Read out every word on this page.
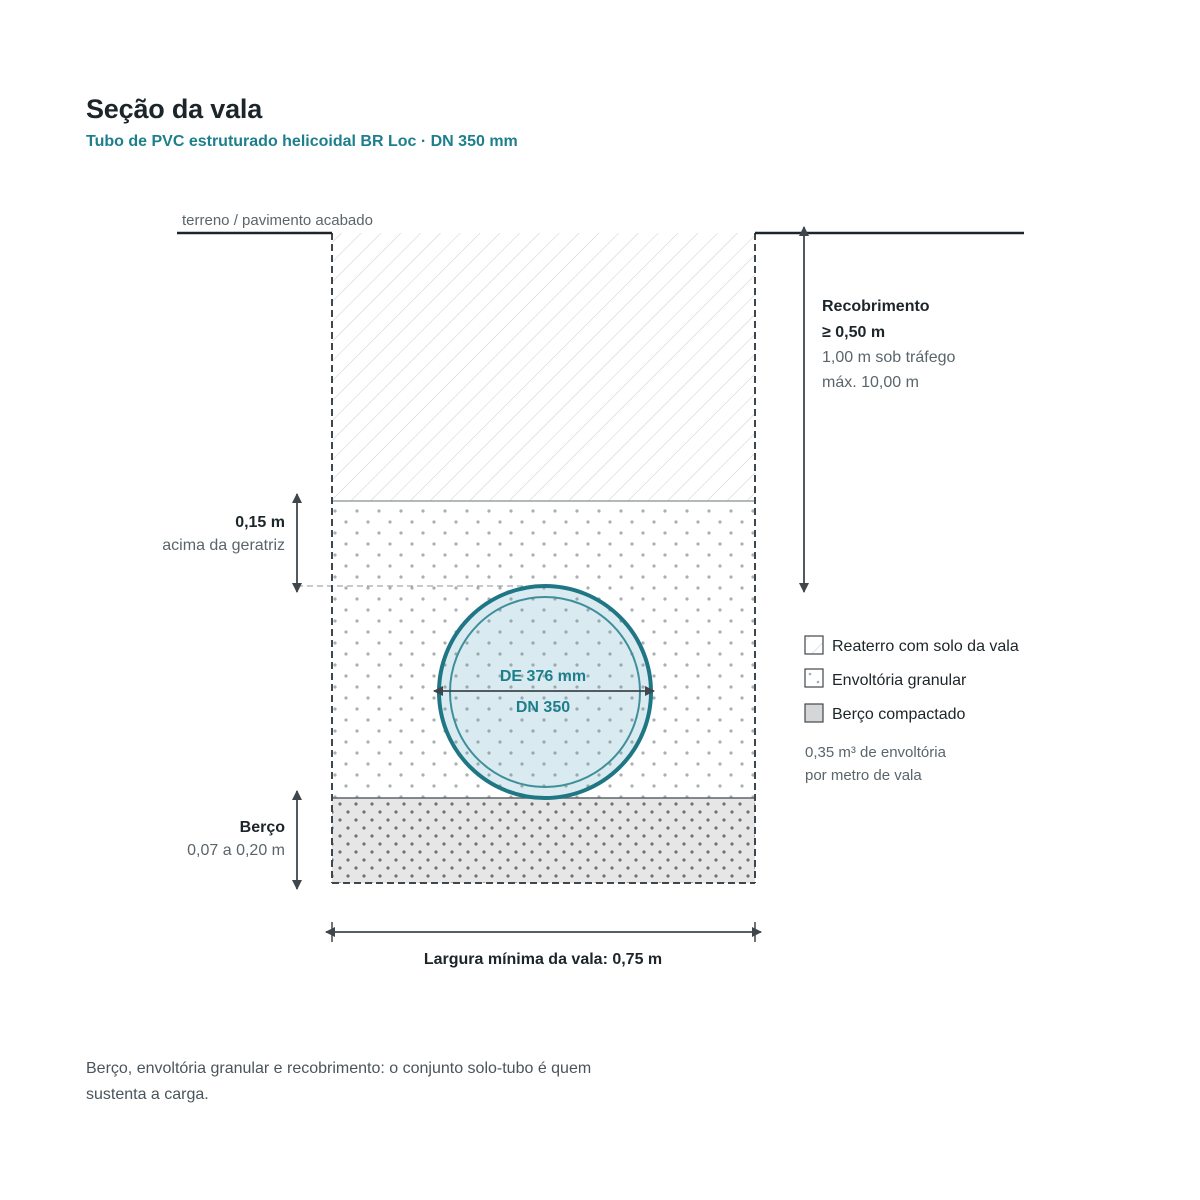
Seção da vala
Tubo de PVC estruturado helicoidal BR Loc · DN 350 mm
terreno / pavimento acabado
DE 376 mm
DN 350
Recobrimento
≥ 0,50 m
1,00 m sob tráfego
máx. 10,00 m
0,15 m
acima da geratriz
Berço
0,07 a 0,20 m
Largura mínima da vala: 0,75 m
Reaterro com solo da vala
Envoltória granular
Berço compactado
0,35 m³ de envoltória
por metro de vala
Berço, envoltória granular e recobrimento: o conjunto solo-tubo é quem sustenta a carga.
